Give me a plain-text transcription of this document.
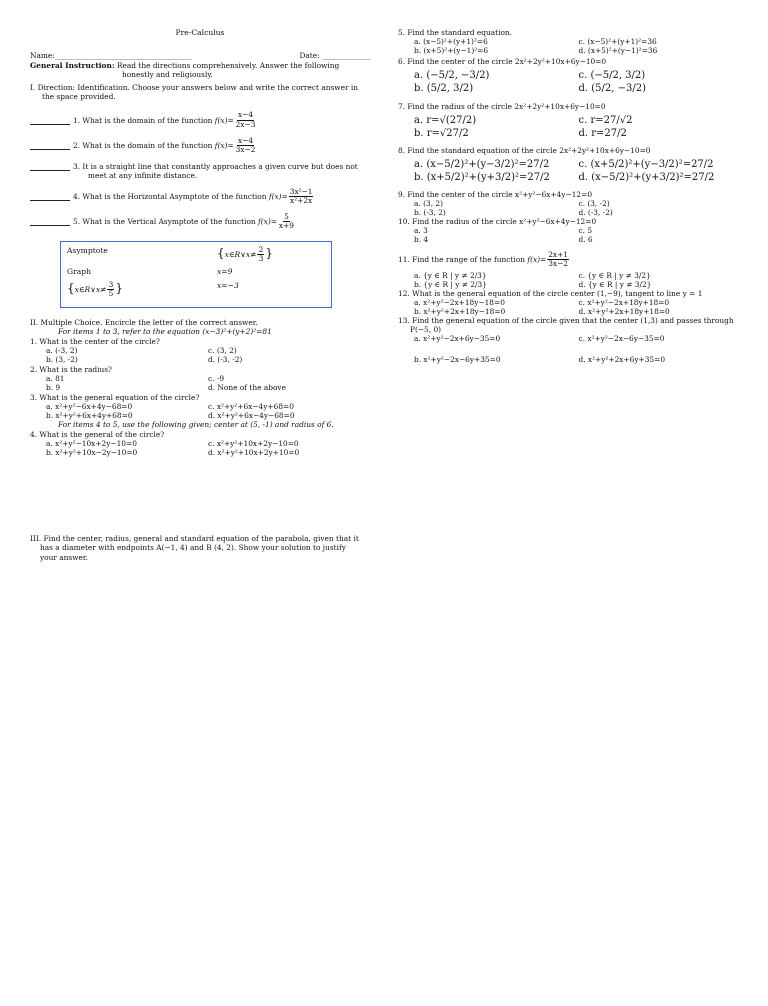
Pre-Calculus
Name:_____________________________________	Date: _____________
General Instruction: Read the directions comprehensively. Answer the following
honestly and religiously.
I. Direction: Identification. Choose your answers below and write the correct answer in
the space provided.
1. What is the domain of the function
$f(x)= \frac{x-4}{2x-3}$
2. What is the domain of the function
$f(x)= \frac{x-4}{3x-2}$
3. It is a straight line that constantly approaches a given curve but does not
meet at any infinite distance.
4. What is the Horizontal Asymptote of the function
$f(x)= \frac{\text{3x²−1}}{\text{x²+2x}}$
5. What is the Vertical Asymptote of the function
$f(x)= \frac{5}{x+9}$
Asymptote	{x∈R∨x≠ $\frac{2}{3}$ }
Graph	x=9
{x∈R∨x≠ $\frac{3}{5}$ }	x=−3
II. Multiple Choice. Encircle the letter of the correct answer.
For items 1 to 3, refer to the equation (x−3)²+(y+2)²=81
1. What is the center of the circle?
a. (-3, 2)	c. (3, 2)
b. (3, -2)	d. (-3, -2)
2. What is the radius?
a. 81	c. -9
b. 9	d. None of the above
3. What is the general equation of the circle?
a. x²+y²−6x+4y−68=0	c. x²+y²+6x−4y+68=0
b. x²+y²+6x+4y+68=0	d. x²+y²+6x−4y−68=0
For items 4 to 5, use the following given; center at (5, -1) and radius of 6.
4. What is the general of the circle?
a. x²+y²−10x+2y−10=0	c. x²+y²+10x+2y−10=0
b. x²+y²+10x−2y−10=0	d. x²+y²+10x+2y+10=0
III. Find the center, radius, general and standard equation of the parabola, given that it
has a diameter with endpoints A(−1, 4) and B (4, 2). Show your solution to justify
your answer.
5. Find the standard equation.
a. (x−5)²+(y+1)²=6	c. (x−5)²+(y+1)²=36
b. (x+5)²+(y−1)²=6	d. (x+5)²+(y−1)²=36
6. Find the center of the circle 2x²+2y²+10x+6y−10=0
a. (−5/2, −3/2)	c. (−5/2, 3/2)
b. (5/2, 3/2)	d. (5/2, −3/2)
7. Find the radius of the circle 2x²+2y²+10x+6y−10=0
a. r=√(27/2)	c. r=27/√2
b. r=√27/2	d. r=27/2
8. Find the standard equation of the circle 2x²+2y²+10x+6y−10=0
a. (x−5/2)²+(y−3/2)²=27/2	c. (x+5/2)²+(y−3/2)²=27/2
b. (x+5/2)²+(y+3/2)²=27/2	d. (x−5/2)²+(y+3/2)²=27/2
9. Find the center of the circle x²+y²−6x+4y−12=0
a. (3, 2)	c. (3, -2)
b. (-3, 2)	d. (-3, -2)
10. Find the radius of the circle x²+y²−6x+4y−12=0
a. 3	c. 5
b. 4	d. 6
11. Find the range of the function
$f(x)= \frac{2x+1}{3x-2}$
a. {y ∈ R | y ≠ 2/3}	c. {y ∈ R | y ≠ 3/2}
b. {y ∈ R | y ≠ 2/3}	d. {y ∈ R | y ≠ 3/2}
12. What is the general equation of the circle center (1,−9), tangent to line y = 1
a. x²+y²−2x+18y−18=0	c. x²+y²−2x+18y+18=0
b. x²+y²+2x+18y−18=0	d. x²+y²+2x+18y+18=0
13. Find the general equation of the circle given that the center (1,3) and passes through
P(−5, 0)
a. x²+y²−2x+6y−35=0	c. x²+y²−2x−6y−35=0
b. x²+y²−2x−6y+35=0	d. x²+y²+2x+6y+35=0
